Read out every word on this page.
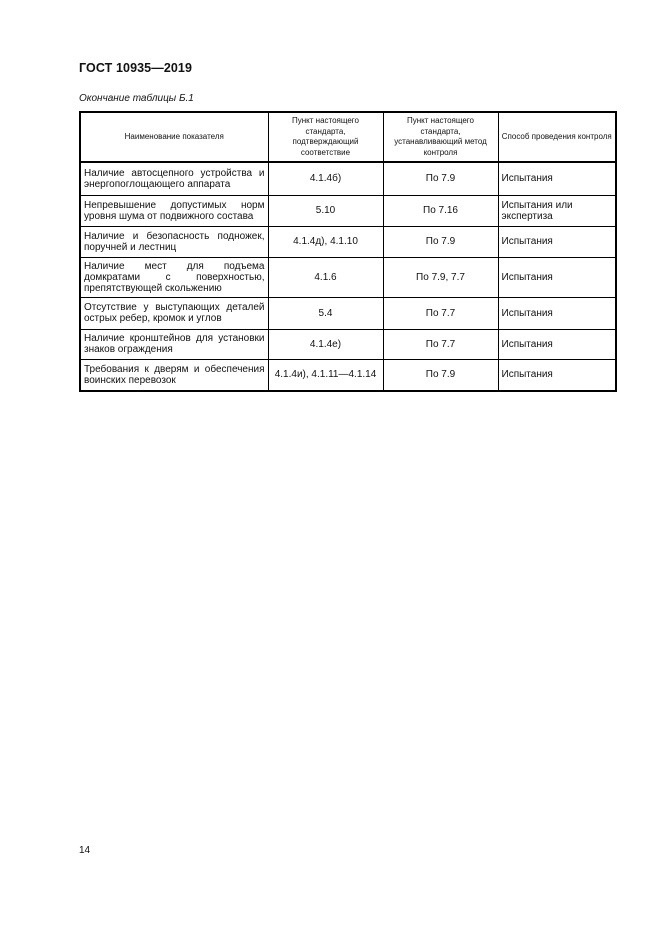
ГОСТ 10935—2019
Окончание таблицы Б.1
Наименование показателя	Пункт настоящего стандарта, подтверждающий соответствие	Пункт настоящего стандарта, устанавливающий метод контроля	Способ проведения контроля
Наличие автосцепного устройства и энергопоглощающего аппарата	4.1.4б)	По 7.9	Испытания
Непревышение допустимых норм уровня шума от подвижного состава	5.10	По 7.16	Испытания или экспертиза
Наличие и безопасность подножек, поручней и лестниц	4.1.4д), 4.1.10	По 7.9	Испытания
Наличие мест для подъема домкратами с поверхностью, препятствующей скольжению	4.1.6	По 7.9, 7.7	Испытания
Отсутствие у выступающих деталей острых ребер, кромок и углов	5.4	По 7.7	Испытания
Наличие кронштейнов для установки знаков ограждения	4.1.4е)	По 7.7	Испытания
Требования к дверям и обеспечения воинских перевозок	4.1.4и), 4.1.11—4.1.14	По 7.9	Испытания
14
